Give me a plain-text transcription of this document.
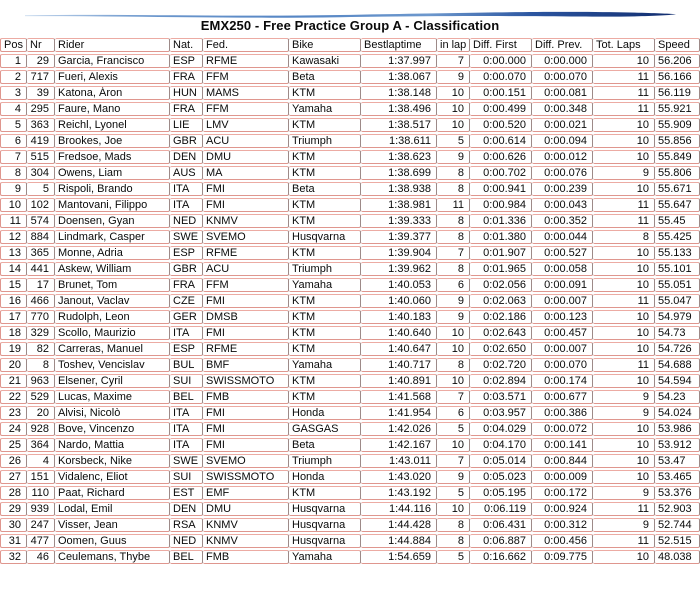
EMX250 - Free Practice Group A - Classification
Pos	Nr	Rider	Nat.	Fed.	Bike	Bestlaptime	in lap	Diff. First	Diff. Prev.	Tot. Laps	Speed
1	29	Garcia, Francisco	ESP	RFME	Kawasaki	1:37.997	7	0:00.000	0:00.000	10	56.206
2	717	Fueri, Alexis	FRA	FFM	Beta	1:38.067	9	0:00.070	0:00.070	11	56.166
3	39	Katona, Áron	HUN	MAMS	KTM	1:38.148	10	0:00.151	0:00.081	11	56.119
4	295	Faure, Mano	FRA	FFM	Yamaha	1:38.496	10	0:00.499	0:00.348	11	55.921
5	363	Reichl, Lyonel	LIE	LMV	KTM	1:38.517	10	0:00.520	0:00.021	10	55.909
6	419	Brookes, Joe	GBR	ACU	Triumph	1:38.611	5	0:00.614	0:00.094	10	55.856
7	515	Fredsoe, Mads	DEN	DMU	KTM	1:38.623	9	0:00.626	0:00.012	10	55.849
8	304	Owens, Liam	AUS	MA	KTM	1:38.699	8	0:00.702	0:00.076	9	55.806
9	5	Rispoli, Brando	ITA	FMI	Beta	1:38.938	8	0:00.941	0:00.239	10	55.671
10	102	Mantovani, Filippo	ITA	FMI	KTM	1:38.981	11	0:00.984	0:00.043	11	55.647
11	574	Doensen, Gyan	NED	KNMV	KTM	1:39.333	8	0:01.336	0:00.352	11	55.45
12	884	Lindmark, Casper	SWE	SVEMO	Husqvarna	1:39.377	8	0:01.380	0:00.044	8	55.425
13	365	Monne, Adria	ESP	RFME	KTM	1:39.904	7	0:01.907	0:00.527	10	55.133
14	441	Askew, William	GBR	ACU	Triumph	1:39.962	8	0:01.965	0:00.058	10	55.101
15	17	Brunet, Tom	FRA	FFM	Yamaha	1:40.053	6	0:02.056	0:00.091	10	55.051
16	466	Janout, Vaclav	CZE	FMI	KTM	1:40.060	9	0:02.063	0:00.007	11	55.047
17	770	Rudolph, Leon	GER	DMSB	KTM	1:40.183	9	0:02.186	0:00.123	10	54.979
18	329	Scollo, Maurizio	ITA	FMI	KTM	1:40.640	10	0:02.643	0:00.457	10	54.73
19	82	Carreras, Manuel	ESP	RFME	KTM	1:40.647	10	0:02.650	0:00.007	10	54.726
20	8	Toshev, Vencislav	BUL	BMF	Yamaha	1:40.717	8	0:02.720	0:00.070	11	54.688
21	963	Elsener, Cyril	SUI	SWISSMOTO	KTM	1:40.891	10	0:02.894	0:00.174	10	54.594
22	529	Lucas, Maxime	BEL	FMB	KTM	1:41.568	7	0:03.571	0:00.677	9	54.23
23	20	Alvisi, Nicolò	ITA	FMI	Honda	1:41.954	6	0:03.957	0:00.386	9	54.024
24	928	Bove, Vincenzo	ITA	FMI	GASGAS	1:42.026	5	0:04.029	0:00.072	10	53.986
25	364	Nardo, Mattia	ITA	FMI	Beta	1:42.167	10	0:04.170	0:00.141	10	53.912
26	4	Korsbeck, Nike	SWE	SVEMO	Triumph	1:43.011	7	0:05.014	0:00.844	10	53.47
27	151	Vidalenc, Eliot	SUI	SWISSMOTO	Honda	1:43.020	9	0:05.023	0:00.009	10	53.465
28	110	Paat, Richard	EST	EMF	KTM	1:43.192	5	0:05.195	0:00.172	9	53.376
29	939	Lodal, Emil	DEN	DMU	Husqvarna	1:44.116	10	0:06.119	0:00.924	11	52.903
30	247	Visser, Jean	RSA	KNMV	Husqvarna	1:44.428	8	0:06.431	0:00.312	9	52.744
31	477	Oomen, Guus	NED	KNMV	Husqvarna	1:44.884	8	0:06.887	0:00.456	11	52.515
32	46	Ceulemans, Thybe	BEL	FMB	Yamaha	1:54.659	5	0:16.662	0:09.775	10	48.038
